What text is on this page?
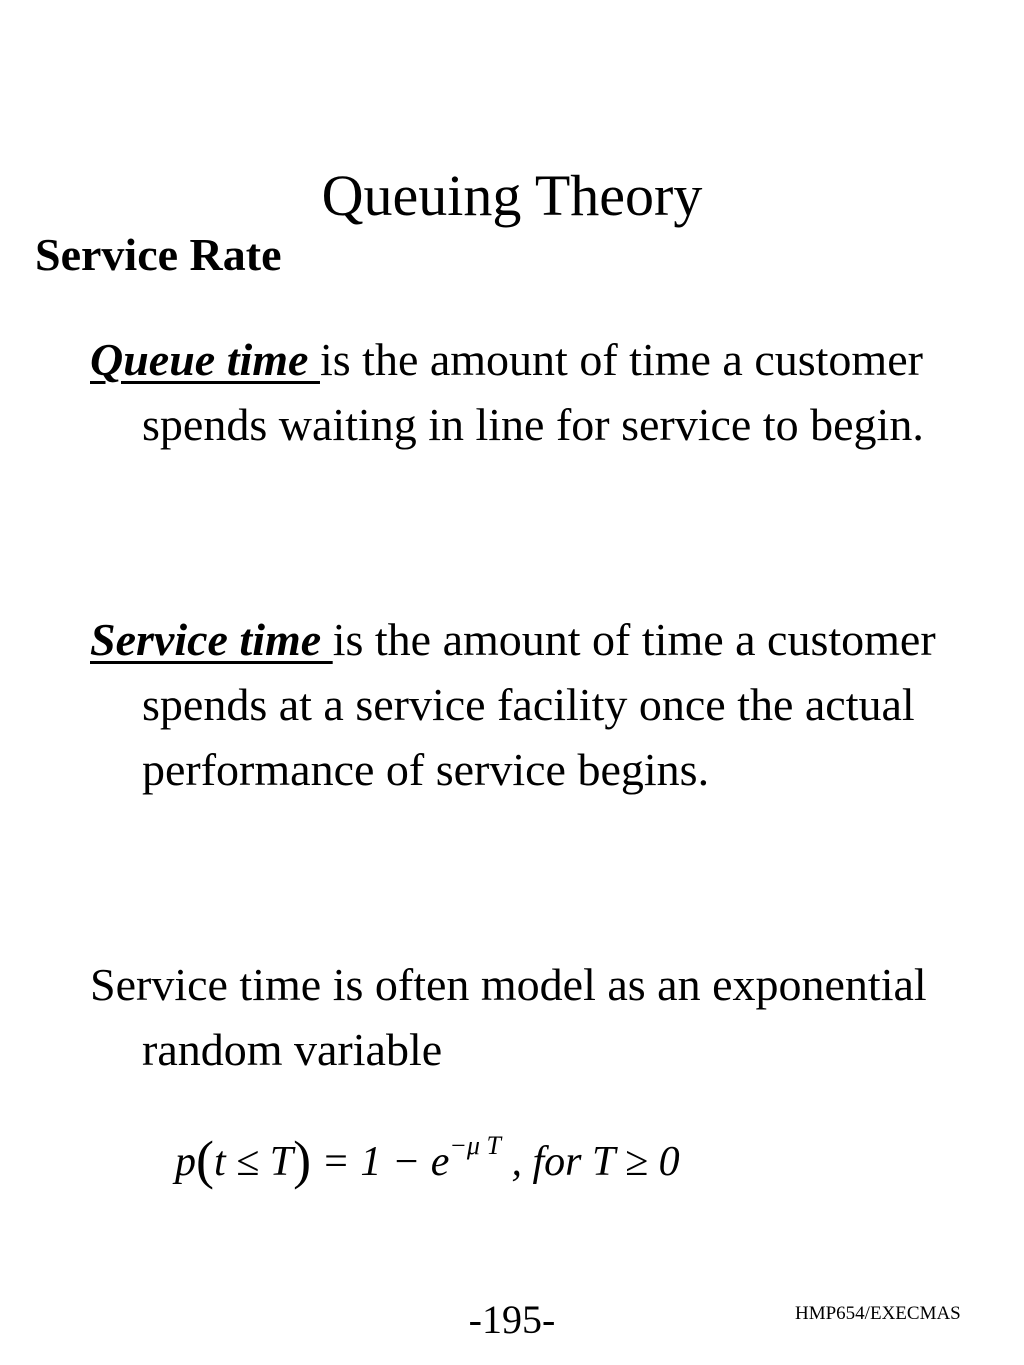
Queuing Theory
Service Rate
Queue time is the amount of time a customer spends waiting in line for service to begin.
Service time is the amount of time a customer spends at a service facility once the actual performance of service begins.
Service time is often model as an exponential random variable
$p(t \le T) = 1 - e^{-\mu T}$ , for T ≥ 0
-195-	HMP654/EXECMAS
